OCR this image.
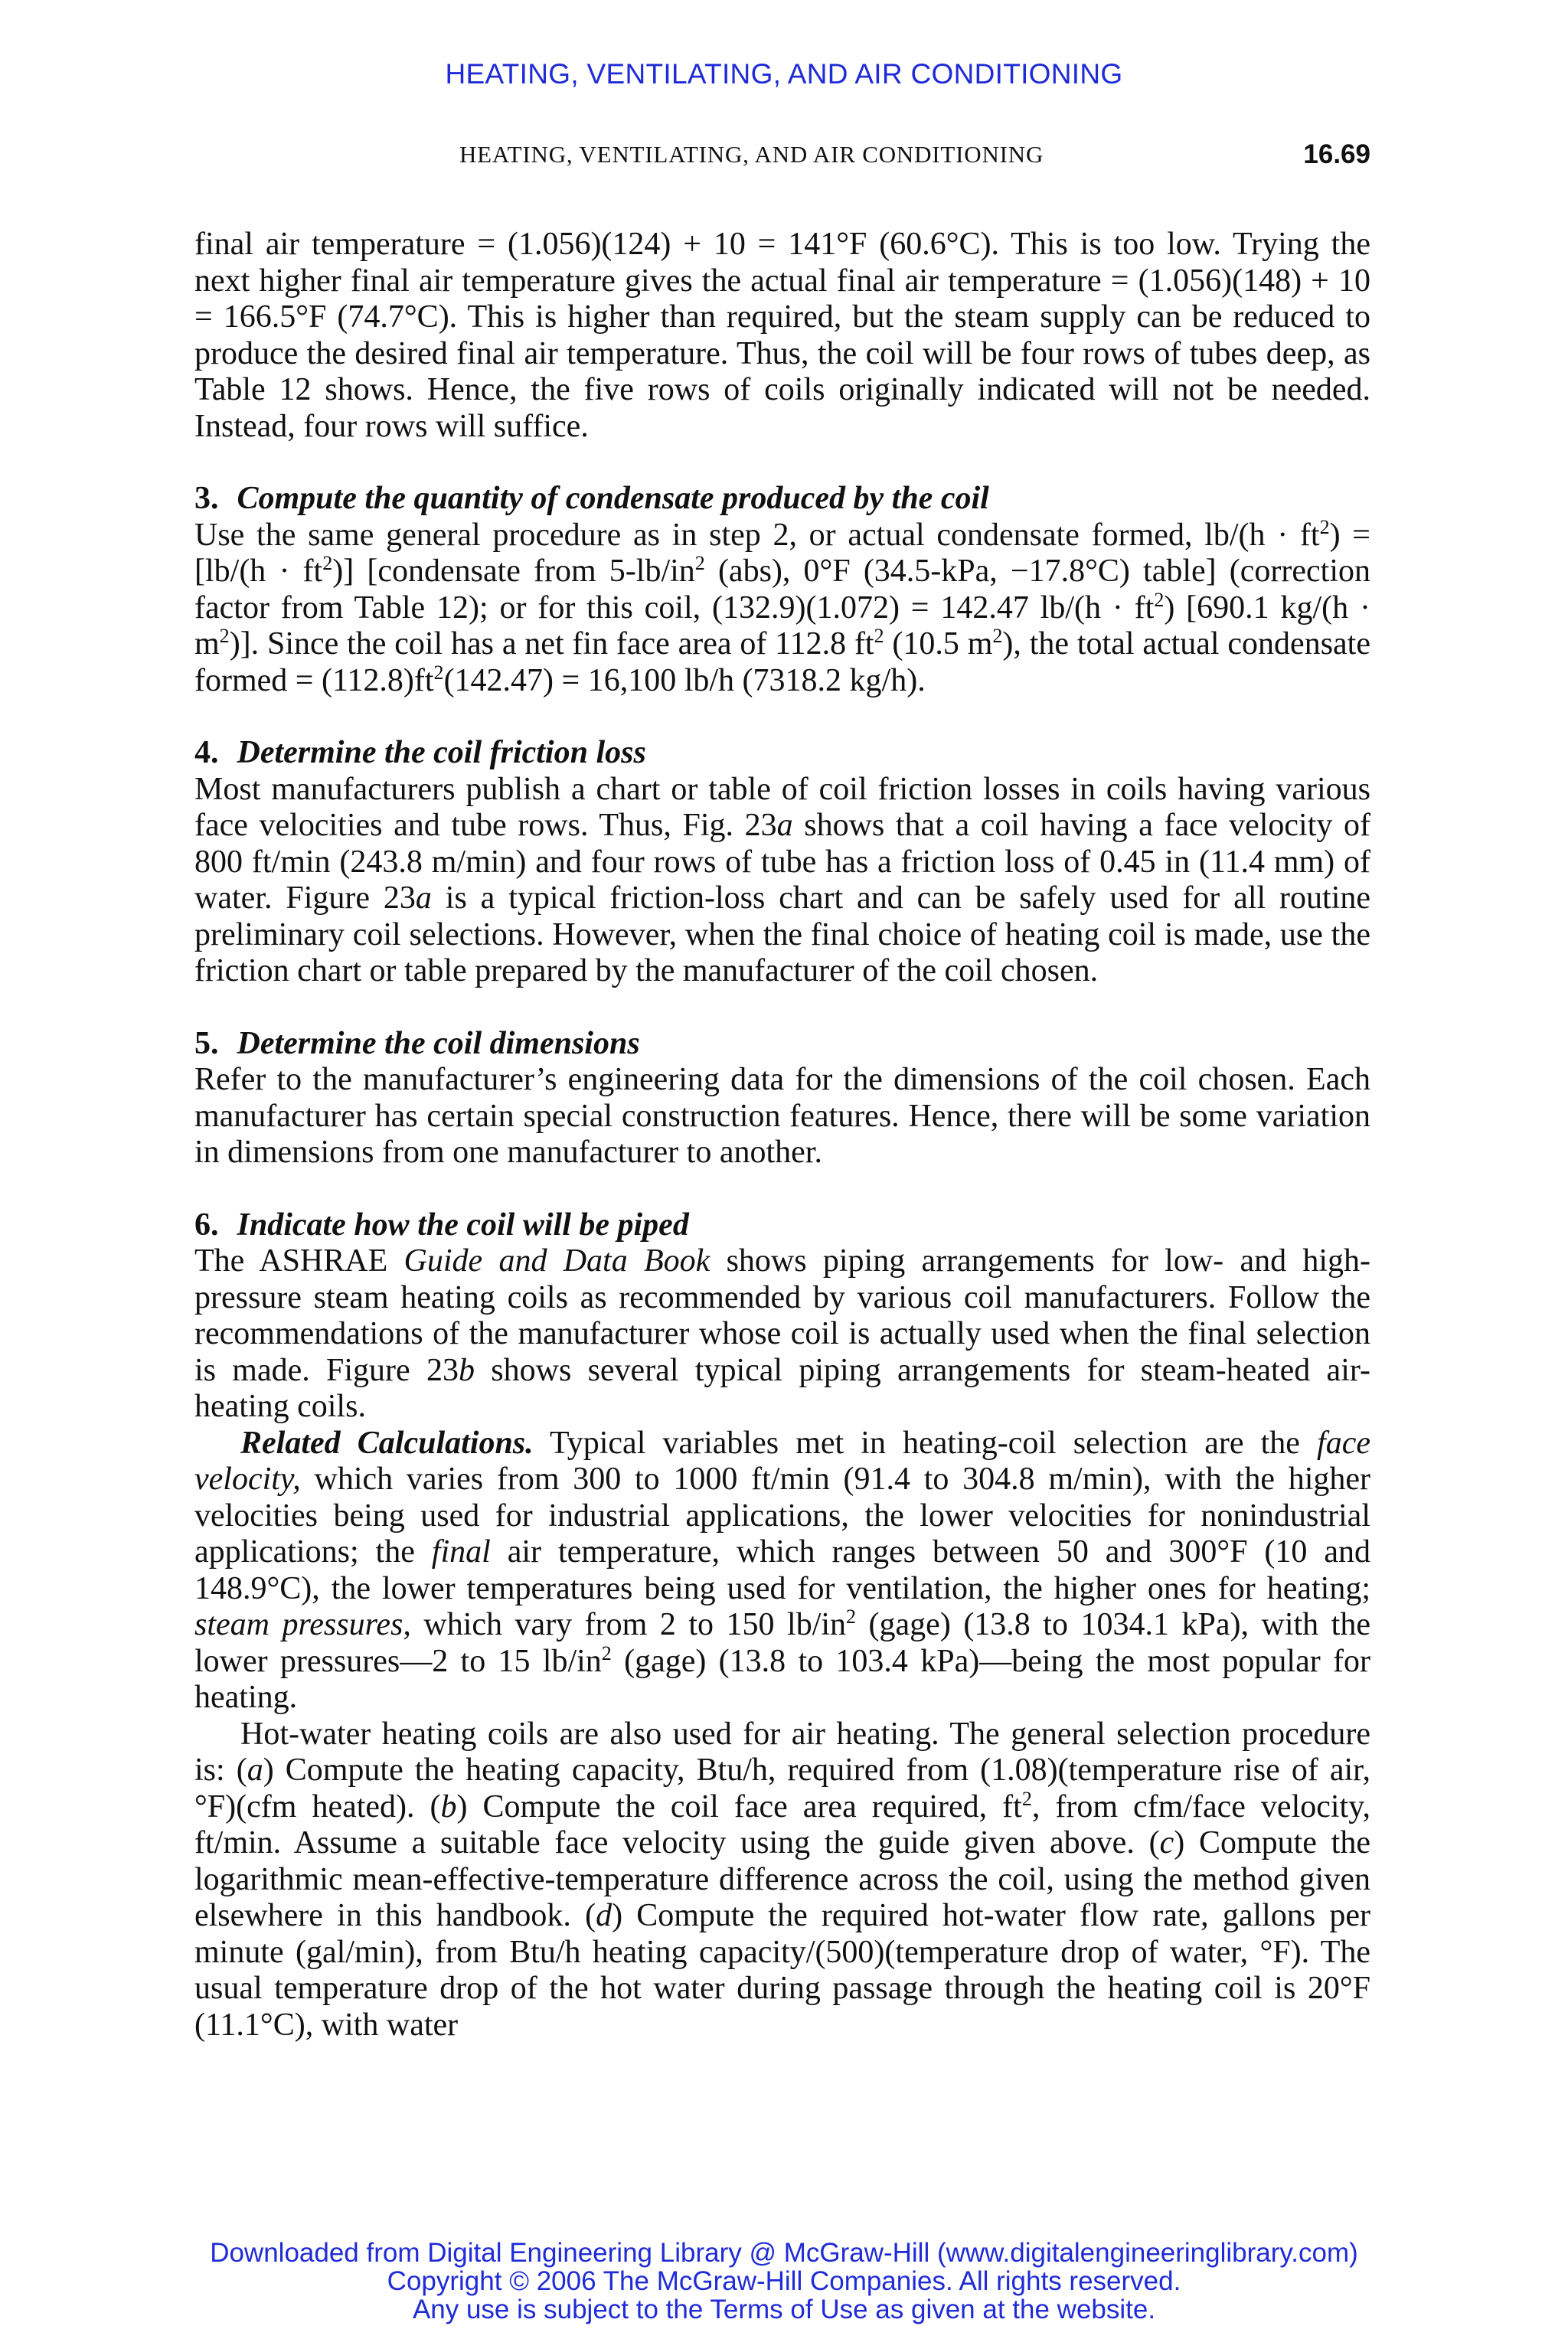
HEATING, VENTILATING, AND AIR CONDITIONING
HEATING, VENTILATING, AND AIR CONDITIONING	16.69

final air temperature = (1.056)(124) + 10 = 141°F (60.6°C). This is too low. Trying the next higher final air temperature gives the actual final air temperature = (1.056)(148) + 10 = 166.5°F (74.7°C). This is higher than required, but the steam supply can be reduced to produce the desired final air temperature. Thus, the coil will be four rows of tubes deep, as Table 12 shows. Hence, the five rows of coils originally indicated will not be needed. Instead, four rows will suffice.

3. Compute the quantity of condensate produced by the coil

Use the same general procedure as in step 2, or actual condensate formed, $lb/(h \cdot ft^2) = [lb/(h \cdot ft^2)]$ [condensate from $5-lb/in^2$ (abs), 0°F (34.5-kPa, −17.8°C) table] (correction factor from Table 12); or for this coil, (132.9)(1.072) = 142.47 $lb/(h \cdot ft^2)$ [690.1 $kg/(h \cdot m^2)$]. Since the coil has a net fin face area of 112.8 $ft^2$ (10.5 $m^2$), the total actual condensate formed = $(112.8)ft^2(142.47) = 16,100$ lb/h (7318.2 kg/h).

4. Determine the coil friction loss

Most manufacturers publish a chart or table of coil friction losses in coils having various face velocities and tube rows. Thus, Fig. 23a shows that a coil having a face velocity of 800 ft/min (243.8 m/min) and four rows of tube has a friction loss of 0.45 in (11.4 mm) of water. Figure 23a is a typical friction-loss chart and can be safely used for all routine preliminary coil selections. However, when the final choice of heating coil is made, use the friction chart or table prepared by the manufacturer of the coil chosen.

5. Determine the coil dimensions

Refer to the manufacturer’s engineering data for the dimensions of the coil chosen. Each manufacturer has certain special construction features. Hence, there will be some variation in dimensions from one manufacturer to another.

6. Indicate how the coil will be piped

The ASHRAE Guide and Data Book shows piping arrangements for low- and high-pressure steam heating coils as recommended by various coil manufacturers. Follow the recommendations of the manufacturer whose coil is actually used when the final selection is made. Figure 23b shows several typical piping arrangements for steam-heated air-heating coils.

Related Calculations. Typical variables met in heating-coil selection are the face velocity, which varies from 300 to 1000 ft/min (91.4 to 304.8 m/min), with the higher velocities being used for industrial applications, the lower velocities for nonindustrial applications; the final air temperature, which ranges between 50 and 300°F (10 and 148.9°C), the lower temperatures being used for ventilation, the higher ones for heating; steam pressures, which vary from 2 to 150 $lb/in^2$ (gage) (13.8 to 1034.1 kPa), with the lower pressures—2 to 15 $lb/in^2$ (gage) (13.8 to 103.4 kPa)—being the most popular for heating.

Hot-water heating coils are also used for air heating. The general selection procedure is: (a) Compute the heating capacity, Btu/h, required from (1.08)(temperature rise of air, °F)(cfm heated). (b) Compute the coil face area required, $ft^2$, from cfm/face velocity, ft/min. Assume a suitable face velocity using the guide given above. (c) Compute the logarithmic mean-effective-temperature difference across the coil, using the method given elsewhere in this handbook. (d) Compute the required hot-water flow rate, gallons per minute (gal/min), from Btu/h heating capacity/(500)(temperature drop of water, °F). The usual temperature drop of the hot water during passage through the heating coil is 20°F (11.1°C), with water

Downloaded from Digital Engineering Library @ McGraw-Hill (www.digitalengineeringlibrary.com)
Copyright © 2006 The McGraw-Hill Companies. All rights reserved.
Any use is subject to the Terms of Use as given at the website.
